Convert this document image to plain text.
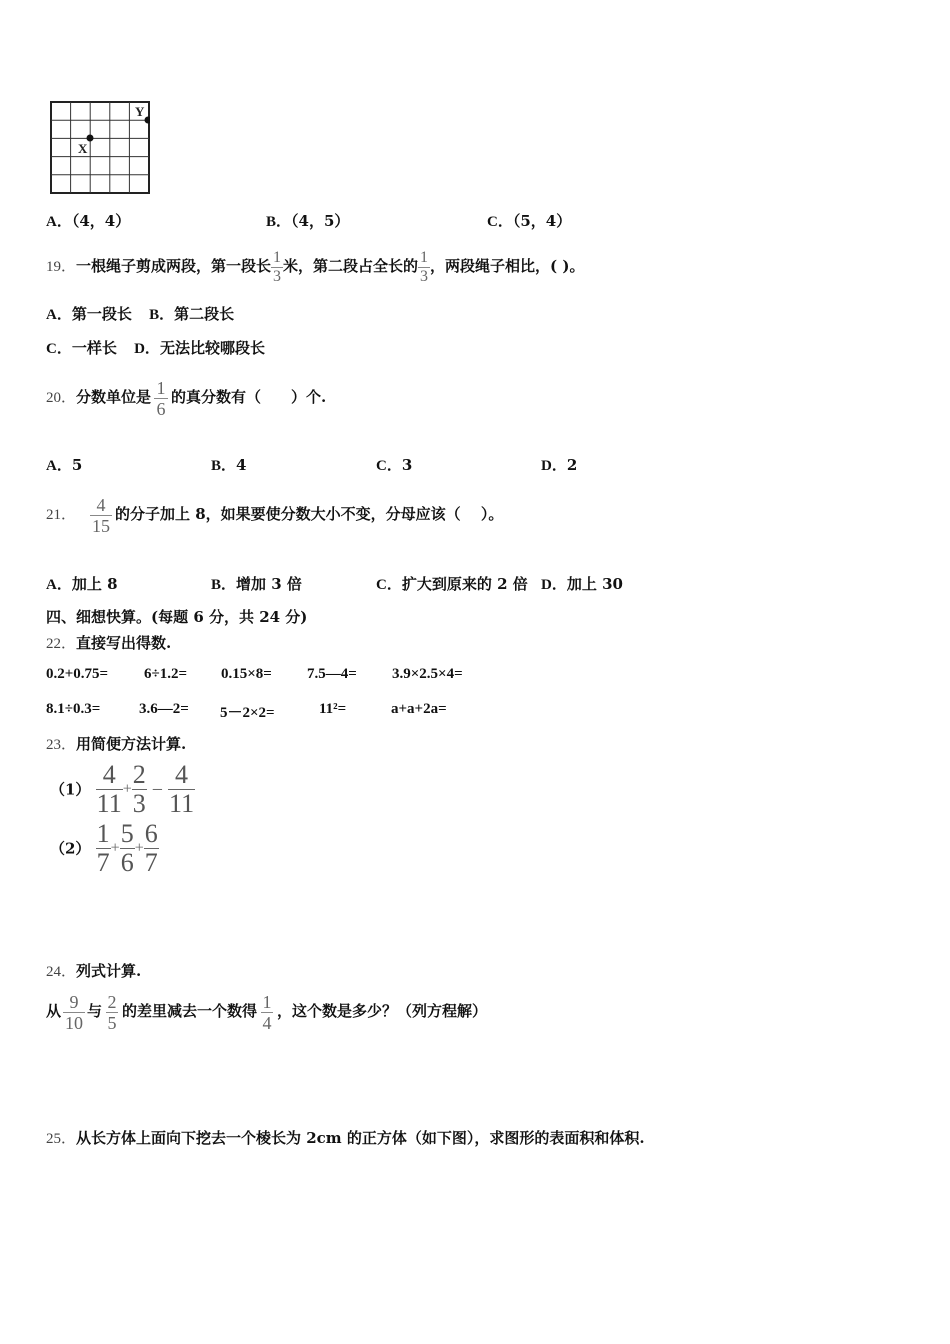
X
Y
A．（4，4）	B．（4，5）	C．（5，4）
19．一根绳子剪成两段，第一段长 $\frac{1}{3}$ 米，第二段占全长的 $\frac{1}{3}$ ，两段绳子相比，( )。
A．第一段长 B．第二段长
C．一样长 D．无法比较哪段长
20．分数单位是 $\frac{1}{6}$ 的真分数有（　　）个.
A．5	B．4	C．3	D．2
21． $\frac{4}{15}$ 的分子加上 8，如果要使分数大小不变，分母应该（　 ）。
A．加上 8	B．增加 3 倍	C．扩大到原来的 2 倍 D．加上 30
四、细想快算。(每题 6 分，共 24 分)
22．直接写出得数.
0.2+0.75= 6÷1.2= 0.15×8= 7.5—4= 3.9×2.5×4=
8.1÷0.3=	3.6—2= 5－2×2=	11²=	a+a+2a=
23．用简便方法计算.
$(1) \frac{4}{11} + \frac{2}{3} - \frac{4}{11}$
$(2) \frac{1}{7} + \frac{5}{6} + \frac{6}{7}$
24．列式计算.
从 $\frac{9}{10}$ 与 $\frac{2}{5}$ 的差里减去一个数得 $\frac{1}{4}$ ，这个数是多少？（列方程解）
25．从长方体上面向下挖去一个棱长为 2cm 的正方体（如下图），求图形的表面积和体积.
